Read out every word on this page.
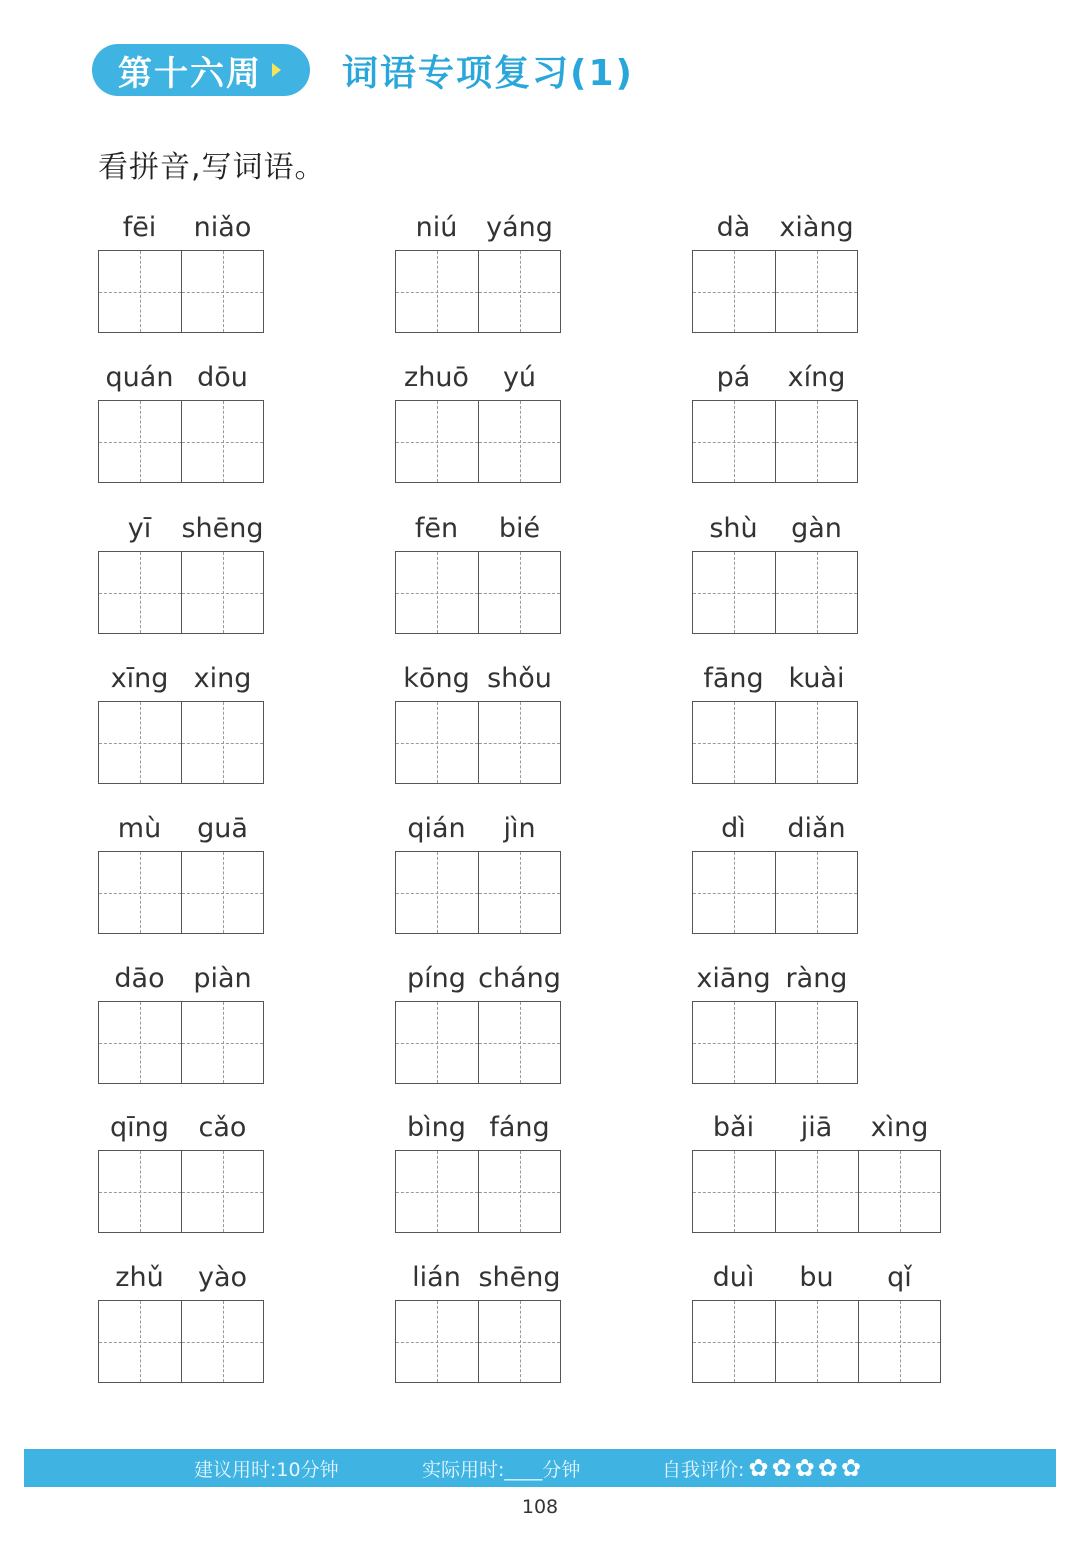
第十六周 词语专项复习(1)
看拼音,写词语。
fēi	niǎo	niú	yáng	dà	xiàng
quán dōu	zhuō	yú	pá	xíng
yī	shēng	fēn	bié	shù	gàn
xīng xing	kōng shǒu	fāng kuài
mù	guā	qián	jìn	dì	diǎn
dāo	piàn	píng cháng	xiāng ràng
qīng	cǎo	bìng fáng	bǎi	jiā	xìng
zhǔ	yào	lián shēng	duì	bu	qǐ
建议用时:10分钟	实际用时:____分钟	自我评价: ✿ ✿ ✿ ✿ ✿
108
